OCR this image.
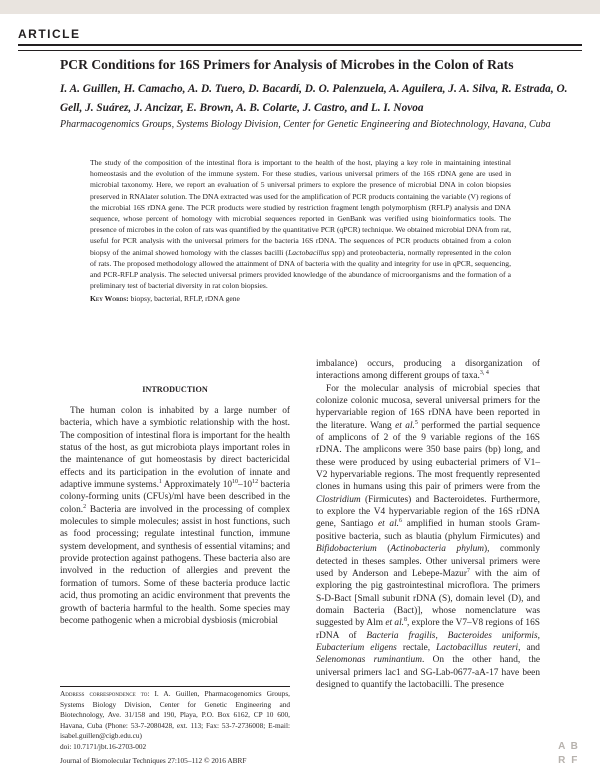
ARTICLE

PCR Conditions for 16S Primers for Analysis of Microbes in the Colon of Rats

I. A. Guillen, H. Camacho, A. D. Tuero, D. Bacardí, D. O. Palenzuela, A. Aguilera, J. A. Silva, R. Estrada, O. Gell, J. Suárez, J. Ancizar, E. Brown, A. B. Colarte, J. Castro, and L. I. Novoa

Pharmacogenomics Groups, Systems Biology Division, Center for Genetic Engineering and Biotechnology, Havana, Cuba

The study of the composition of the intestinal flora is important to the health of the host, playing a key role in maintaining intestinal homeostasis and the evolution of the immune system. For these studies, various universal primers of the 16S rDNA gene are used in microbial taxonomy. Here, we report an evaluation of 5 universal primers to explore the presence of microbial DNA in colon biopsies preserved in RNAlater solution. The DNA extracted was used for the amplification of PCR products containing the variable (V) regions of the microbial 16S rDNA gene. The PCR products were studied by restriction fragment length polymorphism (RFLP) analysis and DNA sequence, whose percent of homology with microbial sequences reported in GenBank was verified using bioinformatics tools. The presence of microbes in the colon of rats was quantified by the quantitative PCR (qPCR) technique. We obtained microbial DNA from rat, useful for PCR analysis with the universal primers for the bacteria 16S rDNA. The sequences of PCR products obtained from a colon biopsy of the animal showed homology with the classes bacilli (Lactobacillus spp) and proteobacteria, normally represented in the colon of rats. The proposed methodology allowed the attainment of DNA of bacteria with the quality and integrity for use in qPCR, sequencing, and PCR-RFLP analysis. The selected universal primers provided knowledge of the abundance of microorganisms and the formation of a preliminary test of bacterial diversity in rat colon biopsies.

Key Words: biopsy, bacterial, RFLP, rDNA gene

INTRODUCTION

The human colon is inhabited by a large number of bacteria, which have a symbiotic relationship with the host. The composition of intestinal flora is important for the health status of the host, as gut microbiota plays important roles in the maintenance of gut homeostasis by direct bactericidal effects and its participation in the evolution of innate and adaptive immune systems.$^1$ Approximately $10^{10}-10^{12}$ bacteria colony-forming units (CFUs)/ml have been described in the colon.$^2$ Bacteria are involved in the processing of complex molecules to simple molecules; assist in host functions, such as food processing; regulate intestinal function, immune system development, and synthesis of essential vitamins; and provide protection against pathogens. These bacteria also are involved in the reduction of allergies and prevent the formation of tumors. Some of these bacteria produce lactic acid, thus promoting an acidic environment that prevents the growth of bacteria harmful to the health. Some species may become pathogenic when a microbial dysbiosis (microbial

imbalance) occurs, producing a disorganization of interactions among different groups of taxa.$^{3, 4}$

For the molecular analysis of microbial species that colonize colonic mucosa, several universal primers for the hypervariable region of 16S rDNA have been reported in the literature. Wang et al.$^5$ performed the partial sequence of amplicons of 2 of the 9 variable regions of the 16S rDNA. The amplicons were 350 base pairs (bp) long, and these were produced by using eubacterial primers of V1–V2 hypervariable regions. The most frequently represented clones in humans using this pair of primers were from the Clostridium (Firmicutes) and Bacteroidetes. Furthermore, to explore the V4 hypervariable region of the 16S rDNA gene, Santiago et al.$^6$ amplified in human stools Gram-positive bacteria, such as blautia (phylum Firmicutes) and Bifidobacterium (Actinobacteria phylum), commonly detected in theses samples. Other universal primers were used by Anderson and Lebepe-Mazur$^7$ with the aim of exploring the pig gastrointestinal microflora. The primers S-D-Bact [Small subunit rDNA (S), domain level (D), and domain Bacteria (Bact)], whose nomenclature was suggested by Alm et al.$^8$, explore the V7–V8 regions of 16S rDNA of Bacteria fragilis, Bacteroides uniformis, Eubacterium eligens rectale, Lactobacillus reuteri, and Selenomonas ruminantium. On the other hand, the universal primers lac1 and SG-Lab-0677-aA-17 have been designed to quantify the lactobacilli. The presence

Address correspondence to: I. A. Guillen, Pharmacogenomics Groups, Systems Biology Division, Center for Genetic Engineering and Biotechnology, Ave. 31/158 and 190, Playa, P.O. Box 6162, CP 10 600, Havana, Cuba (Phone: 53-7-2080428, ext. 113; Fax: 53-7-2736008; E-mail: isabel.guillen@cigb.edu.cu)
doi: 10.7171/jbt.16-2703-002

Journal of Biomolecular Techniques 27:105–112 © 2016 ABRF

A B
R F
